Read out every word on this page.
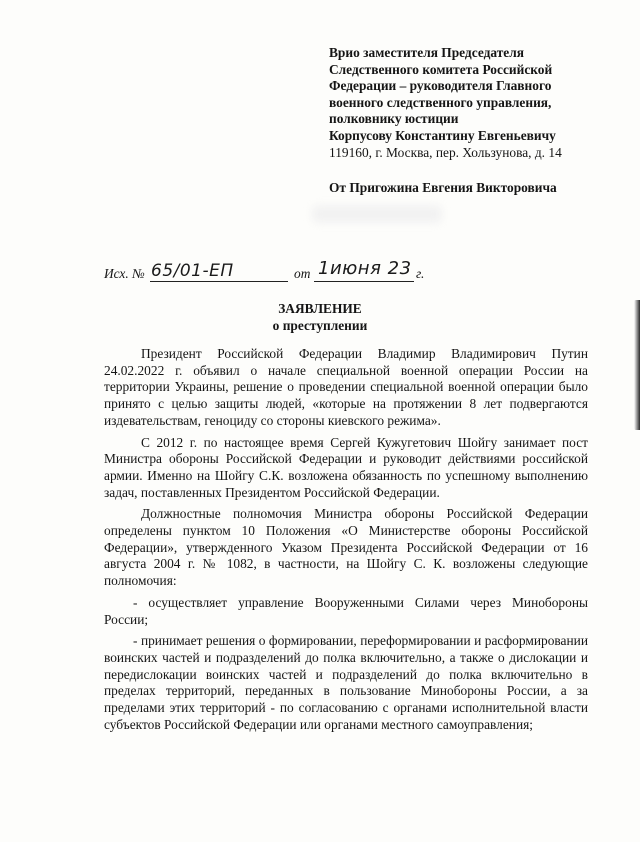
Врио заместителя Председателя
Следственного комитета Российской
Федерации – руководителя Главного
военного следственного управления,
полковнику юстиции
Корпусову Константину Евгеньевичу
119160, г. Москва, пер. Хользунова, д. 14
От Пригожина Евгения Викторовича
Исх. № 65/01-ЕП	от 1июня 23 г.
ЗАЯВЛЕНИЕ
о преступлении

Президент Российской Федерации Владимир Владимирович Путин 24.02.2022 г. объявил о начале специальной военной операции России на территории Украины, решение о проведении специальной военной операции было принято с целью защиты людей, «которые на протяжении 8 лет подвергаются издевательствам, геноциду со стороны киевского режима».

С 2012 г. по настоящее время Сергей Кужугетович Шойгу занимает пост Министра обороны Российской Федерации и руководит действиями российской армии. Именно на Шойгу С.К. возложена обязанность по успешному выполнению задач, поставленных Президентом Российской Федерации.

Должностные полномочия Министра обороны Российской Федерации определены пунктом 10 Положения «О Министерстве обороны Российской Федерации», утвержденного Указом Президента Российской Федерации от 16 августа 2004 г. № 1082, в частности, на Шойгу С. К. возложены следующие полномочия:

- осуществляет управление Вооруженными Силами через Минобороны России;

- принимает решения о формировании, переформировании и расформировании воинских частей и подразделений до полка включительно, а также о дислокации и передислокации воинских частей и подразделений до полка включительно в пределах территорий, переданных в пользование Минобороны России, а за пределами этих территорий - по согласованию с органами исполнительной власти субъектов Российской Федерации или органами местного самоуправления;
